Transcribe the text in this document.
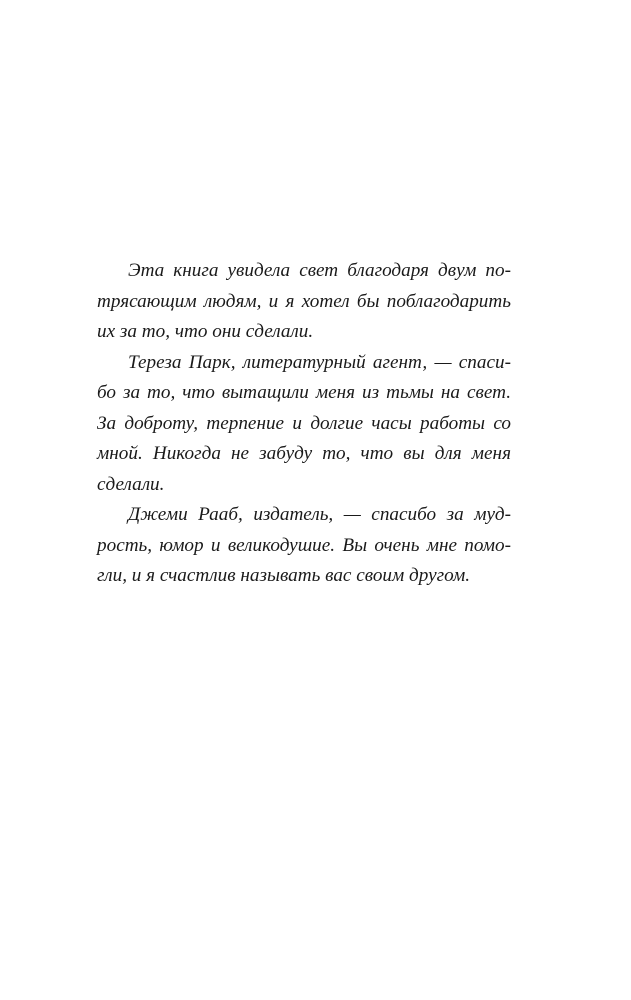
Эта книга увидела свет благодаря двум по-
трясающим людям, и я хотел бы поблагодарить
их за то, что они сделали.
Тереза Парк, литературный агент, — спаси-
бо за то, что вытащили меня из тьмы на свет.
За доброту, терпение и долгие часы работы со
мной. Никогда не забуду то, что вы для меня
сделали.
Джеми Рааб, издатель, — спасибо за муд-
рость, юмор и великодушие. Вы очень мне помо-
гли, и я счастлив называть вас своим другом.
